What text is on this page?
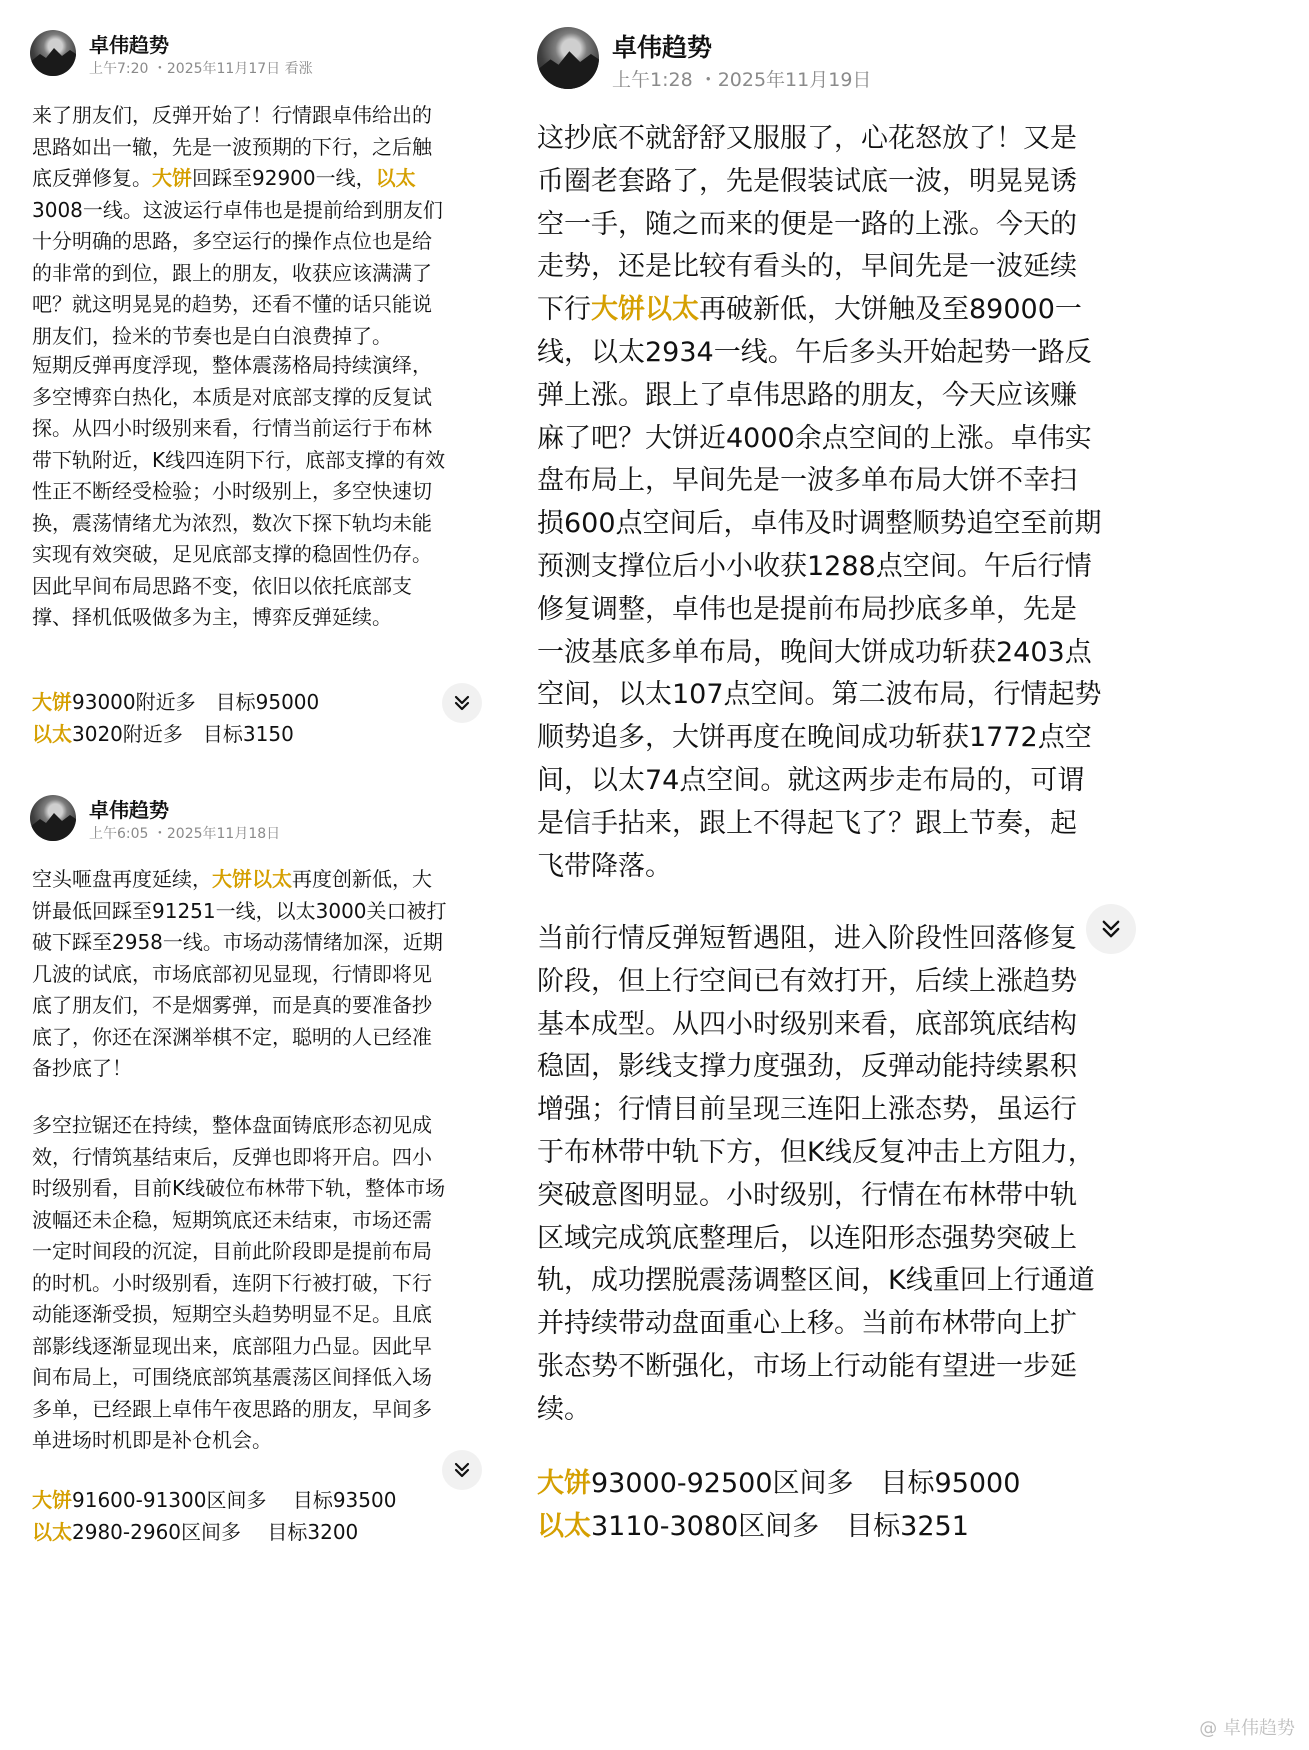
卓伟趋势
上午7:20 ・2025年11月17日 看涨
来了朋友们，反弹开始了！行情跟卓伟给出的
思路如出一辙，先是一波预期的下行，之后触
底反弹修复。大饼回踩至92900一线，以太
3008一线。这波运行卓伟也是提前给到朋友们
十分明确的思路，多空运行的操作点位也是给
的非常的到位，跟上的朋友，收获应该满满了
吧？就这明晃晃的趋势，还看不懂的话只能说
朋友们，捡米的节奏也是白白浪费掉了。
短期反弹再度浮现，整体震荡格局持续演绎，
多空博弈白热化，本质是对底部支撑的反复试
探。从四小时级别来看，行情当前运行于布林
带下轨附近，K线四连阴下行，底部支撑的有效
性正不断经受检验；小时级别上，多空快速切
换，震荡情绪尤为浓烈，数次下探下轨均未能
实现有效突破，足见底部支撑的稳固性仍存。
因此早间布局思路不变，依旧以依托底部支
撑、择机低吸做多为主，博弈反弹延续。
大饼93000附近多　目标95000
以太3020附近多　目标3150
卓伟趋势
上午6:05 ・2025年11月18日
空头咂盘再度延续，大饼以太再度创新低，大
饼最低回踩至91251一线，以太3000关口被打
破下踩至2958一线。市场动荡情绪加深，近期
几波的试底，市场底部初见显现，行情即将见
底了朋友们，不是烟雾弹，而是真的要准备抄
底了，你还在深渊举棋不定，聪明的人已经准
备抄底了！
多空拉锯还在持续，整体盘面铸底形态初见成
效，行情筑基结束后，反弹也即将开启。四小
时级别看，目前K线破位布林带下轨，整体市场
波幅还未企稳，短期筑底还未结束，市场还需
一定时间段的沉淀，目前此阶段即是提前布局
的时机。小时级别看，连阴下行被打破，下行
动能逐渐受损，短期空头趋势明显不足。且底
部影线逐渐显现出来，底部阻力凸显。因此早
间布局上，可围绕底部筑基震荡区间择低入场
多单，已经跟上卓伟午夜思路的朋友，早间多
单进场时机即是补仓机会。
大饼91600-91300区间多　 目标93500
以太2980-2960区间多　 目标3200
卓伟趋势
上午1:28 ・2025年11月19日
这抄底不就舒舒又服服了，心花怒放了！又是
币圈老套路了，先是假装试底一波，明晃晃诱
空一手，随之而来的便是一路的上涨。今天的
走势，还是比较有看头的，早间先是一波延续
下行大饼以太再破新低，大饼触及至89000一
线，以太2934一线。午后多头开始起势一路反
弹上涨。跟上了卓伟思路的朋友，今天应该赚
麻了吧？大饼近4000余点空间的上涨。卓伟实
盘布局上，早间先是一波多单布局大饼不幸扫
损600点空间后，卓伟及时调整顺势追空至前期
预测支撑位后小小收获1288点空间。午后行情
修复调整，卓伟也是提前布局抄底多单，先是
一波基底多单布局，晚间大饼成功斩获2403点
空间，以太107点空间。第二波布局，行情起势
顺势追多，大饼再度在晚间成功斩获1772点空
间，以太74点空间。就这两步走布局的，可谓
是信手拈来，跟上不得起飞了？跟上节奏，起
飞带降落。
当前行情反弹短暂遇阻，进入阶段性回落修复
阶段，但上行空间已有效打开，后续上涨趋势
基本成型。从四小时级别来看，底部筑底结构
稳固，影线支撑力度强劲，反弹动能持续累积
增强；行情目前呈现三连阳上涨态势，虽运行
于布林带中轨下方，但K线反复冲击上方阻力，
突破意图明显。小时级别，行情在布林带中轨
区域完成筑底整理后，以连阳形态强势突破上
轨，成功摆脱震荡调整区间，K线重回上行通道
并持续带动盘面重心上移。当前布林带向上扩
张态势不断强化，市场上行动能有望进一步延
续。
大饼93000-92500区间多　目标95000
以太3110-3080区间多　目标3251
@ 卓伟趋势
